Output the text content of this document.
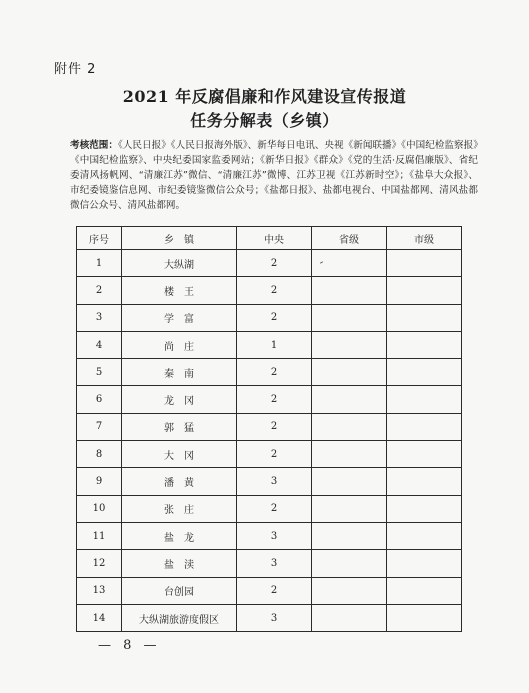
附件 2
2021 年反腐倡廉和作风建设宣传报道
任务分解表（乡镇）
考核范围：《人民日报》《人民日报海外版》、新华每日电讯、央视《新闻联播》《中国纪检监察报》《中国纪检监察》、中央纪委国家监委网站；《新华日报》《群众》《党的生活·反腐倡廉版》、省纪委清风扬帆网、“清廉江苏”微信、“清廉江苏”微博、江苏卫视《江苏新时空》；《盐阜大众报》、市纪委镜鉴信息网、市纪委镜鉴微信公众号；《盐都日报》、盐都电视台、中国盐都网、清风盐都微信公众号、清风盐都网。
序号	乡　镇	中央	省级	市级
1	大纵湖	2		
2	楼　王	2		
3	学　富	2		
4	尚　庄	1		
5	秦　南	2		
6	龙　冈	2		
7	郭　猛	2		
8	大　冈	2		
9	潘　黄	3		
10	张　庄	2		
11	盐　龙	3		
12	盐　渎	3		
13	台创园	2		
14	大纵湖旅游度假区	3		
— 8 —
